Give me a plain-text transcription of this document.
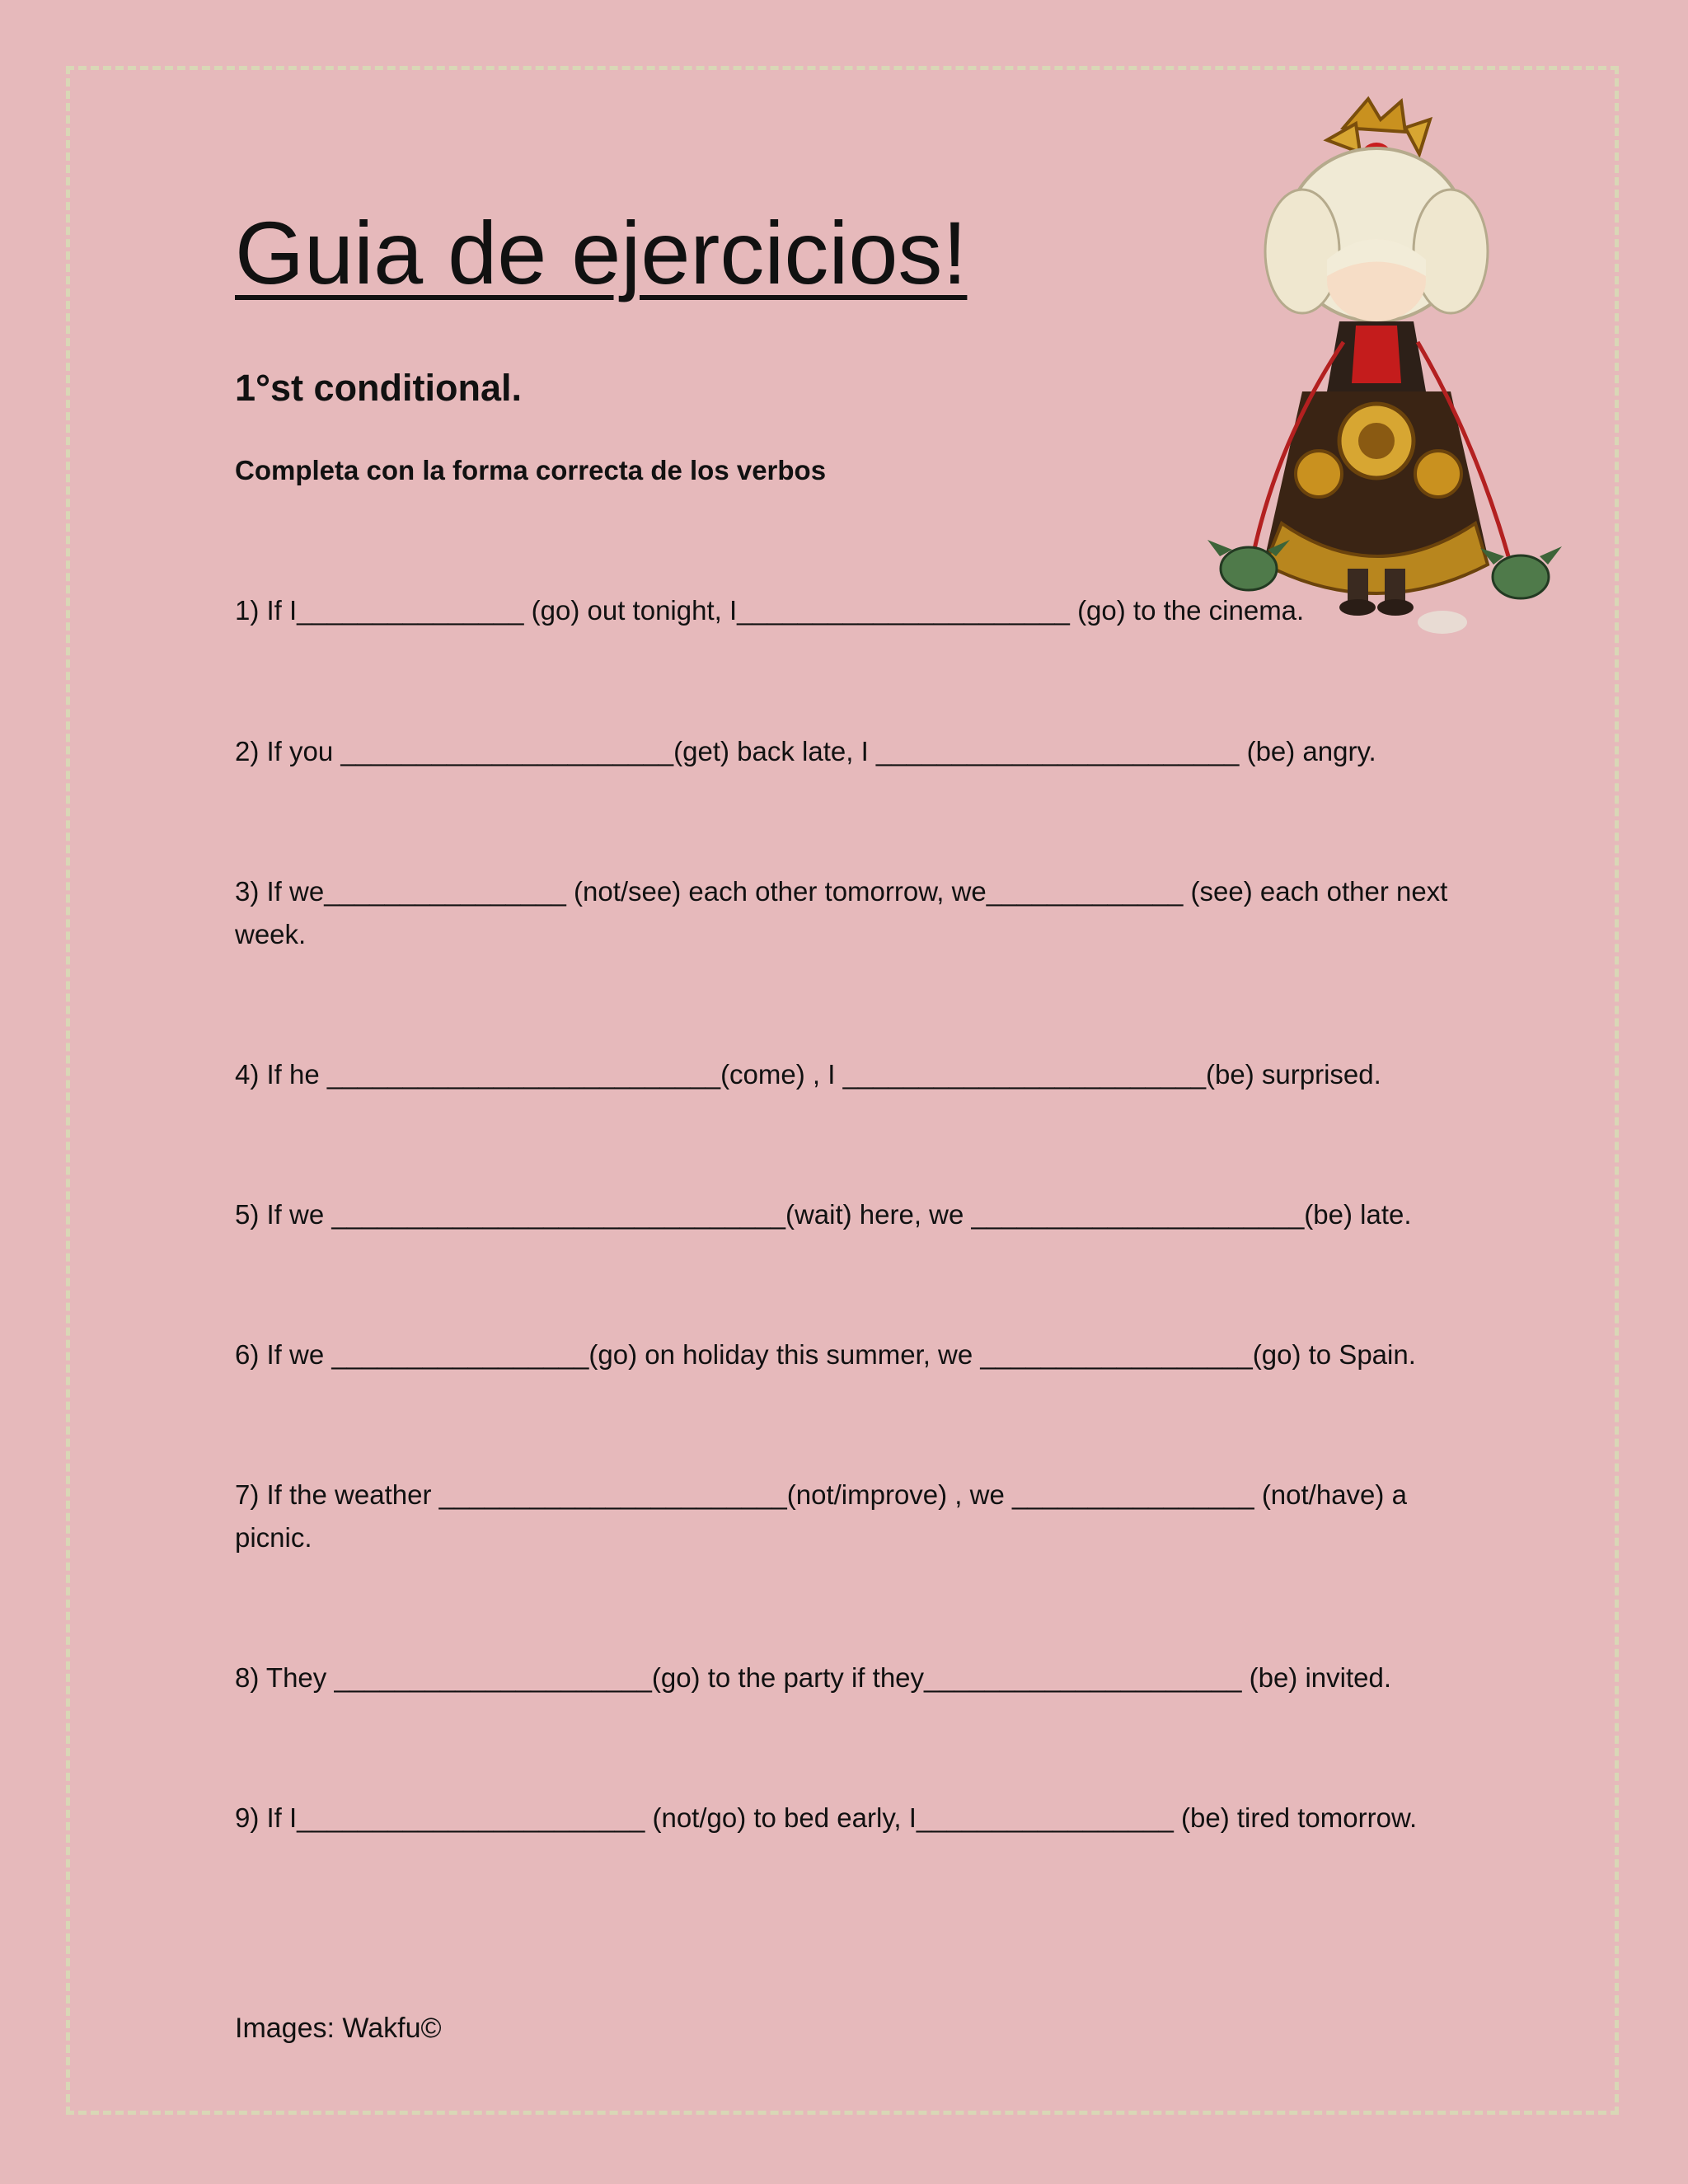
Guia de ejercicios!
1°st conditional.

Completa con la forma correcta de los verbos

1) If I_______________ (go) out tonight, I______________________ (go) to the cinema.

2) If you ______________________(get) back late, I ________________________ (be) angry.

3) If we________________ (not/see) each other tomorrow, we_____________ (see) each other next week.

4) If he __________________________(come) , I ________________________(be) surprised.

5) If we ______________________________(wait) here, we ______________________(be) late.

6) If we _________________(go) on holiday this summer, we __________________(go) to Spain.

7) If the weather _______________________(not/improve) , we ________________ (not/have) a picnic.

8) They _____________________(go) to the party if they_____________________ (be) invited.

9) If I_______________________ (not/go) to bed early, I_________________ (be) tired tomorrow.

Images: Wakfu©
